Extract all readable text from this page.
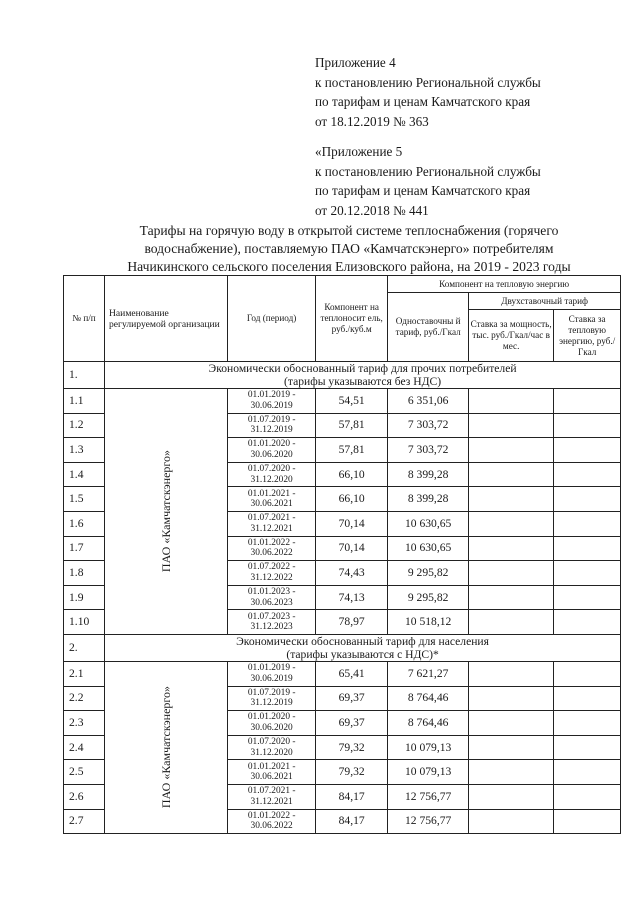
Приложение 4
к постановлению Региональной службы
по тарифам и ценам Камчатского края
от 18.12.2019 № 363
«Приложение 5
к постановлению Региональной службы
по тарифам и ценам Камчатского края
от 20.12.2018 № 441
Тарифы на горячую воду в открытой системе теплоснабжения (горячего
водоснабжение), поставляемую ПАО «Камчатскэнерго» потребителям
Начикинского сельского поселения Елизовского района, на 2019 - 2023 годы
№ п/п	Наименование регулируемой организации	Год (период)	Компонент на теплоносит ель, руб./куб.м	Компонент на тепловую энергию		
				Одноставочны й тариф, руб./Гкал	Двухставочный тариф	
					Ставка за мощность, тыс. руб./Гкал/час в мес.	Ставка за тепловую энергию, руб./Гкал
1.	Экономически обоснованный тариф для прочих потребителей
(тарифы указываются без НДС)					

1.1	ПАО «Камчатскэнерго»	01.01.2019 -
30.06.2019	54,51	6 351,06		
1.2		01.07.2019 -
31.12.2019	57,81	7 303,72		
1.3		01.01.2020 -
30.06.2020	57,81	7 303,72		
1.4		01.07.2020 -
31.12.2020	66,10	8 399,28		
1.5		01.01.2021 -
30.06.2021	66,10	8 399,28		
1.6		01.07.2021 -
31.12.2021	70,14	10 630,65		
1.7		01.01.2022 -
30.06.2022	70,14	10 630,65		
1.8		01.07.2022 -
31.12.2022	74,43	9 295,82		
1.9		01.01.2023 -
30.06.2023	74,13	9 295,82		
1.10		01.07.2023 -
31.12.2023	78,97	10 518,12		
2.	Экономически обоснованный тариф для населения
(тарифы указываются с НДС)*					

2.1	ПАО «Камчатскэнерго»	01.01.2019 -
30.06.2019	65,41	7 621,27		
2.2		01.07.2019 -
31.12.2019	69,37	8 764,46		
2.3		01.01.2020 -
30.06.2020	69,37	8 764,46		
2.4		01.07.2020 -
31.12.2020	79,32	10 079,13		
2.5		01.01.2021 -
30.06.2021	79,32	10 079,13		
2.6		01.07.2021 -
31.12.2021	84,17	12 756,77		
2.7		01.01.2022 -
30.06.2022	84,17	12 756,77		
